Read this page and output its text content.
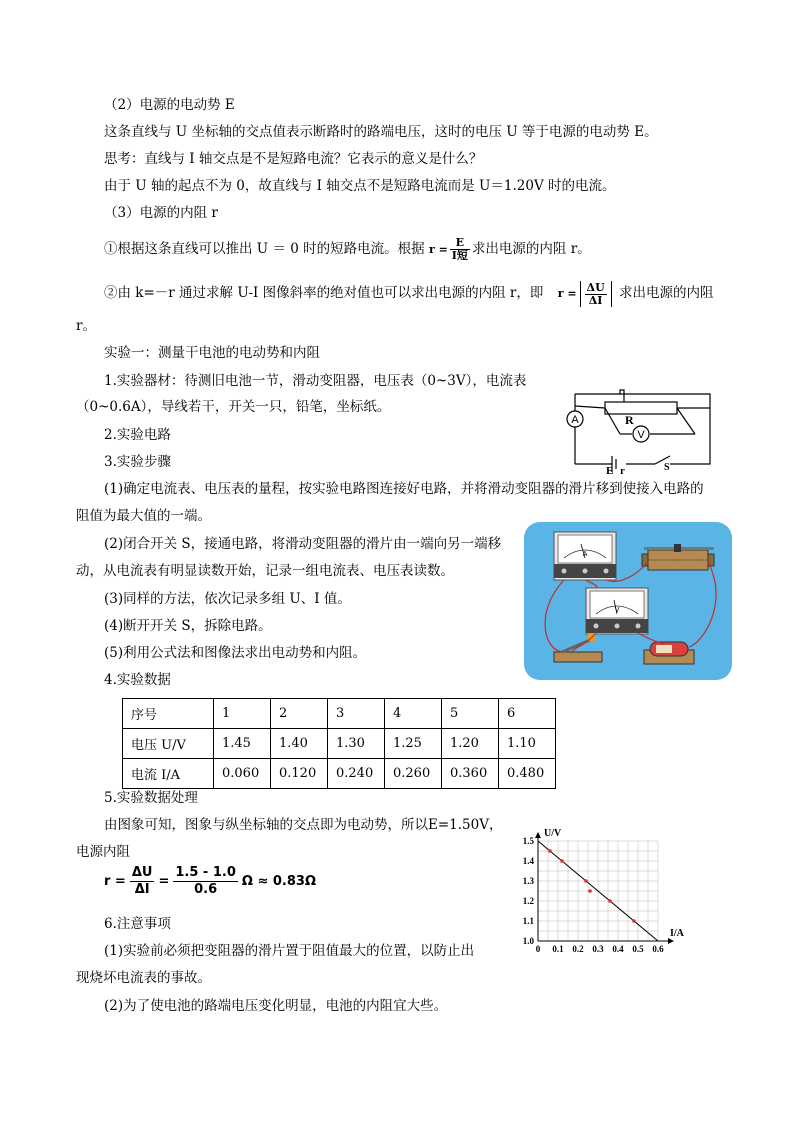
（2）电源的电动势 E
这条直线与 U 坐标轴的交点值表示断路时的路端电压，这时的电压 U 等于电源的电动势 E。
思考：直线与 I 轴交点是不是短路电流？它表示的意义是什么？
由于 U 轴的起点不为 0，故直线与 I 轴交点不是短路电流而是 U＝1.20V 时的电流。
（3）电源的内阻 r
①根据这条直线可以推出 U ＝ 0 时的短路电流。根据 $r = \frac{E}{\text{I短}}$ 求出电源的内阻 r。
②由 k=－r 通过求解 U-I 图像斜率的绝对值也可以求出电源的内阻 r，即 $r = \frac{\Delta U}{\Delta I}$ 求出电源的内阻
r。
实验一：测量干电池的电动势和内阻
1.实验器材：待测旧电池一节，滑动变阻器，电压表（0~3V），电流表
（0~0.6A），导线若干，开关一只，铅笔，坐标纸。
2.实验电路
3.实验步骤
(1)确定电流表、电压表的量程，按实验电路图连接好电路，并将滑动变阻器的滑片移到使接入电路的
阻值为最大值的一端。
(2)闭合开关 S，接通电路，将滑动变阻器的滑片由一端向另一端移
动，从电流表有明显读数开始，记录一组电流表、电压表读数。
(3)同样的方法，依次记录多组 U、I 值。
(4)断开开关 S，拆除电路。
(5)利用公式法和图像法求出电动势和内阻。
4.实验数据
序号	1	2	3	4	5	6
电压 U/V	1.45	1.40	1.30	1.25	1.20	1.10
电流 I/A	0.060	0.120	0.240	0.260	0.360	0.480
5.实验数据处理
由图象可知，图象与纵坐标轴的交点即为电动势，所以E=1.50V，
电源内阻
$r = \frac{\Delta U}{\Delta I} = \frac{1.5 - 1.0}{0.6}$ Ω ≈ 0.83Ω
6.注意事项
(1)实验前必须把变阻器的滑片置于阻值最大的位置，以防止出
现烧坏电流表的事故。
(2)为了使电池的路端电压变化明显，电池的内阻宜大些。
A	R
V
E r	S
A
V
U/V
I/A
0 0.1 0.2 0.3 0.4 0.5 0.6
1.0
1.1
1.2
1.3
1.4
1.5
